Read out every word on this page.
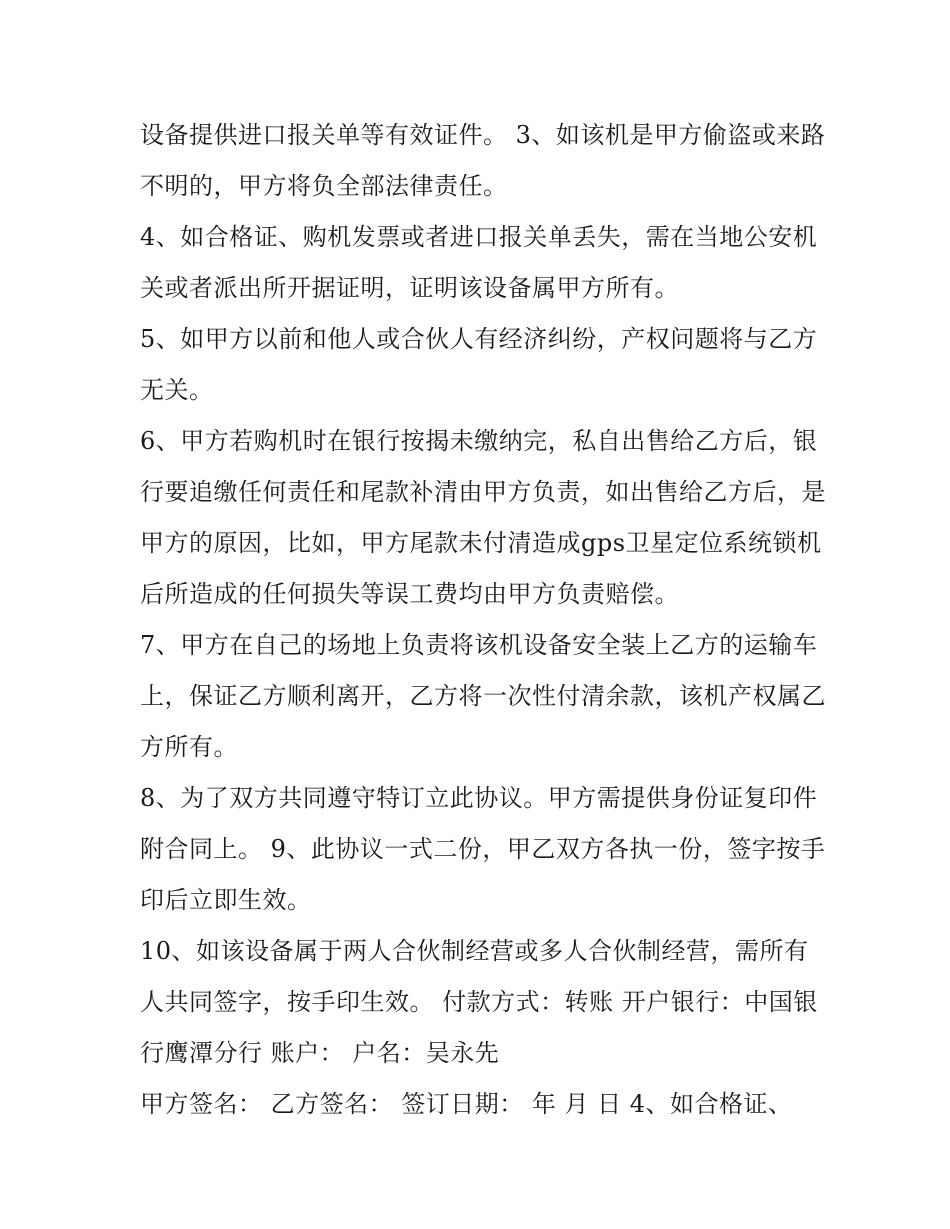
设备提供进口报关单等有效证件。 3、如该机是甲方偷盗或来路不明的，甲方将负全部法律责任。

4、如合格证、购机发票或者进口报关单丢失，需在当地公安机关或者派出所开据证明，证明该设备属甲方所有。

5、如甲方以前和他人或合伙人有经济纠纷，产权问题将与乙方无关。

6、甲方若购机时在银行按揭未缴纳完，私自出售给乙方后，银行要追缴任何责任和尾款补清由甲方负责，如出售给乙方后，是甲方的原因，比如，甲方尾款未付清造成gps卫星定位系统锁机后所造成的任何损失等误工费均由甲方负责赔偿。

7、甲方在自己的场地上负责将该机设备安全装上乙方的运输车上，保证乙方顺利离开，乙方将一次性付清余款，该机产权属乙方所有。

8、为了双方共同遵守特订立此协议。甲方需提供身份证复印件附合同上。 9、此协议一式二份，甲乙双方各执一份，签字按手印后立即生效。

10、如该设备属于两人合伙制经营或多人合伙制经营，需所有人共同签字，按手印生效。 付款方式：转账 开户银行：中国银行鹰潭分行 账户： 户名：吴永先

甲方签名： 乙方签名： 签订日期： 年 月 日 4、如合格证、
